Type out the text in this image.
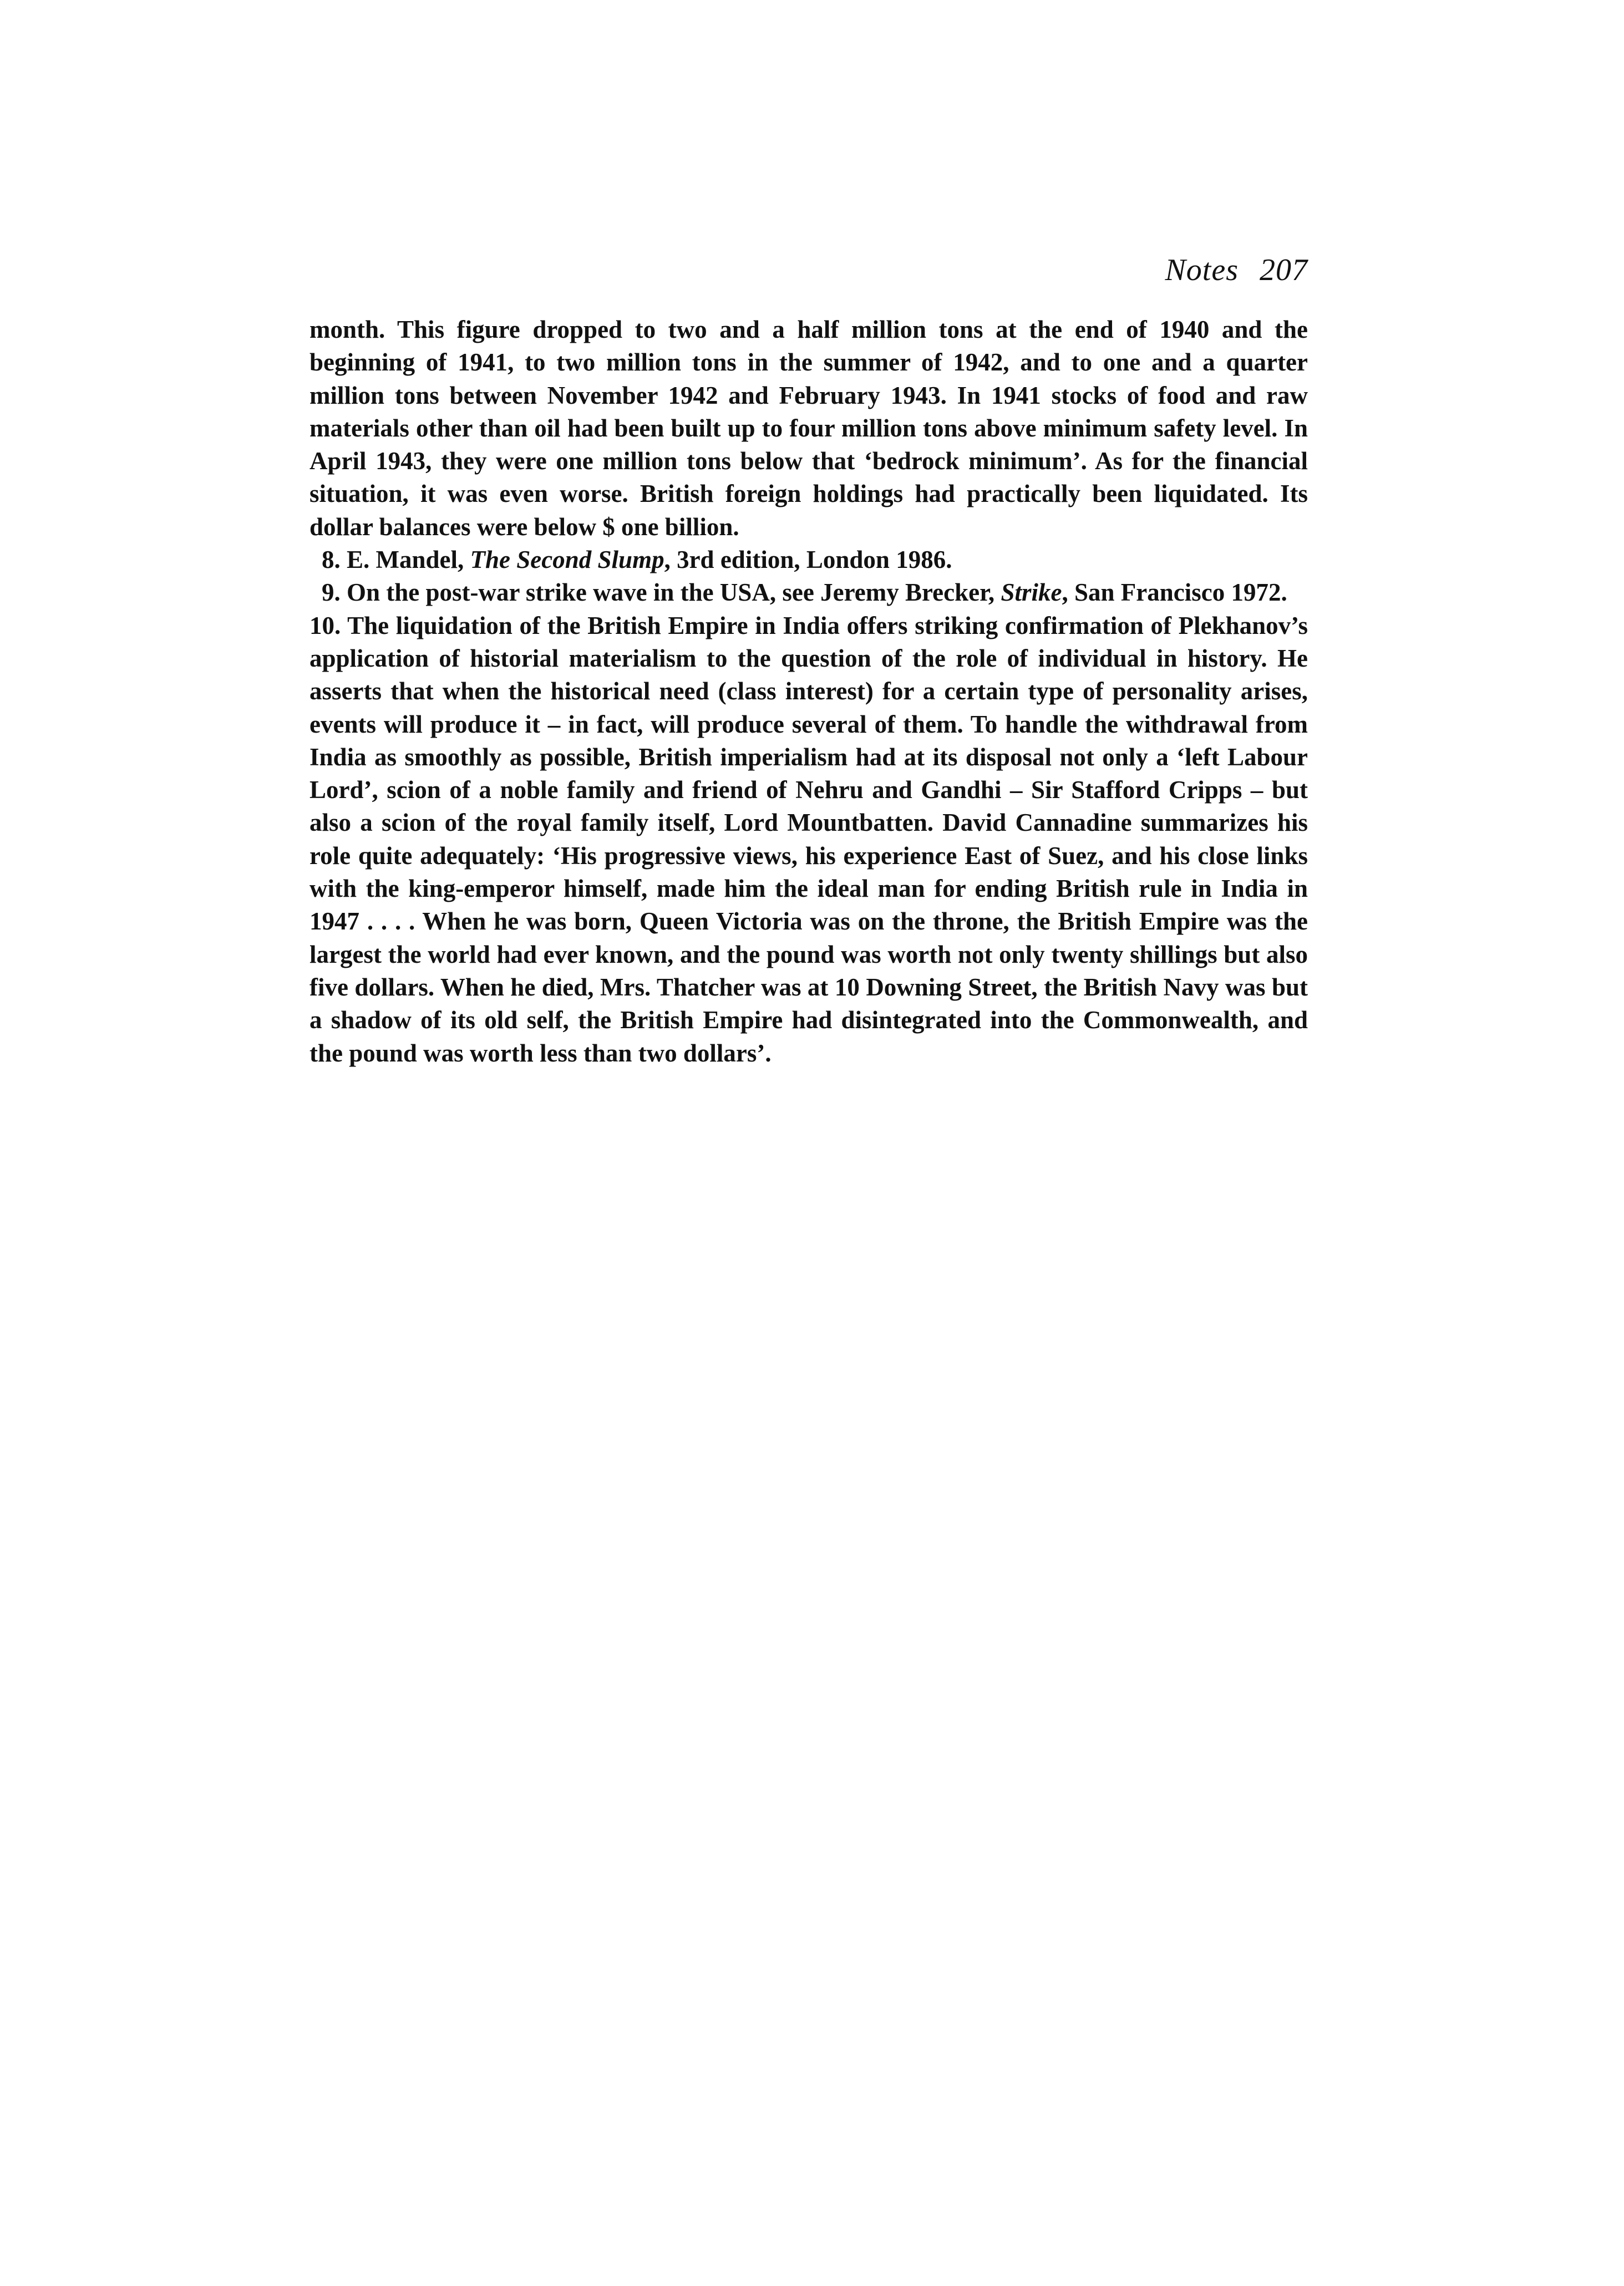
Notes 207

month. This figure dropped to two and a half million tons at the end of 1940 and the beginning of 1941, to two million tons in the summer of 1942, and to one and a quarter million tons between November 1942 and February 1943. In 1941 stocks of food and raw materials other than oil had been built up to four million tons above minimum safety level. In April 1943, they were one million tons below that ‘bedrock minimum’. As for the financial situation, it was even worse. British foreign holdings had practically been liquidated. Its dollar balances were below $ one billion.

8. E. Mandel, The Second Slump, 3rd edition, London 1986.

9. On the post-war strike wave in the USA, see Jeremy Brecker, Strike, San Francisco 1972.

10. The liquidation of the British Empire in India offers striking confirmation of Plekhanov’s application of historial materialism to the question of the role of individual in history. He asserts that when the historical need (class interest) for a certain type of personality arises, events will produce it – in fact, will produce several of them. To handle the withdrawal from India as smoothly as possible, British imperialism had at its disposal not only a ‘left Labour Lord’, scion of a noble family and friend of Nehru and Gandhi – Sir Stafford Cripps – but also a scion of the royal family itself, Lord Mountbatten. David Cannadine summarizes his role quite adequately: ‘His progressive views, his experience East of Suez, and his close links with the king-emperor himself, made him the ideal man for ending British rule in India in 1947 . . . . When he was born, Queen Victoria was on the throne, the British Empire was the largest the world had ever known, and the pound was worth not only twenty shillings but also five dollars. When he died, Mrs. Thatcher was at 10 Downing Street, the British Navy was but a shadow of its old self, the British Empire had disintegrated into the Commonwealth, and the pound was worth less than two dollars’.
